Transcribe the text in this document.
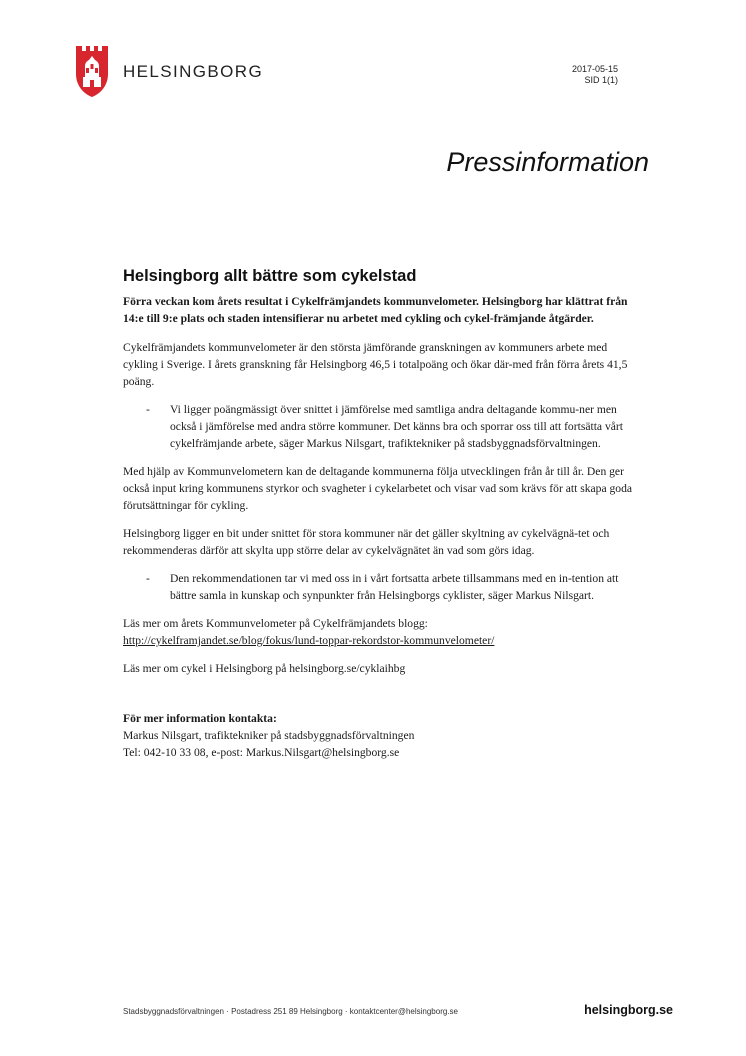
HELSINGBORG	2017-05-15
SID 1(1)
Pressinformation
Helsingborg allt bättre som cykelstad

Förra veckan kom årets resultat i Cykelfrämjandets kommunvelometer. Helsingborg har klättrat från 14:e till 9:e plats och staden intensifierar nu arbetet med cykling och cykel-främjande åtgärder.

Cykelfrämjandets kommunvelometer är den största jämförande granskningen av kommuners arbete med cykling i Sverige. I årets granskning får Helsingborg 46,5 i totalpoäng och ökar där-med från förra årets 41,5 poäng.

-	Vi ligger poängmässigt över snittet i jämförelse med samtliga andra deltagande kommu-ner men också i jämförelse med andra större kommuner. Det känns bra och sporrar oss till att fortsätta vårt cykelfrämjande arbete, säger Markus Nilsgart, trafiktekniker på stadsbyggnadsförvaltningen.

Med hjälp av Kommunvelometern kan de deltagande kommunerna följa utvecklingen från år till år. Den ger också input kring kommunens styrkor och svagheter i cykelarbetet och visar vad som krävs för att skapa goda förutsättningar för cykling.

Helsingborg ligger en bit under snittet för stora kommuner när det gäller skyltning av cykelvägnä-tet och rekommenderas därför att skylta upp större delar av cykelvägnätet än vad som görs idag.

-	Den rekommendationen tar vi med oss in i vårt fortsatta arbete tillsammans med en in-tention att bättre samla in kunskap och synpunkter från Helsingborgs cyklister, säger Markus Nilsgart.

Läs mer om årets Kommunvelometer på Cykelfrämjandets blogg:
http://cykelframjandet.se/blog/fokus/lund-toppar-rekordstor-kommunvelometer/

Läs mer om cykel i Helsingborg på helsingborg.se/cyklaihbg

För mer information kontakta:

Markus Nilsgart, trafiktekniker på stadsbyggnadsförvaltningen

Tel: 042-10 33 08, e-post: Markus.Nilsgart@helsingborg.se

Stadsbyggnadsförvaltningen · Postadress 251 89 Helsingborg · kontaktcenter@helsingborg.se	helsingborg.se
